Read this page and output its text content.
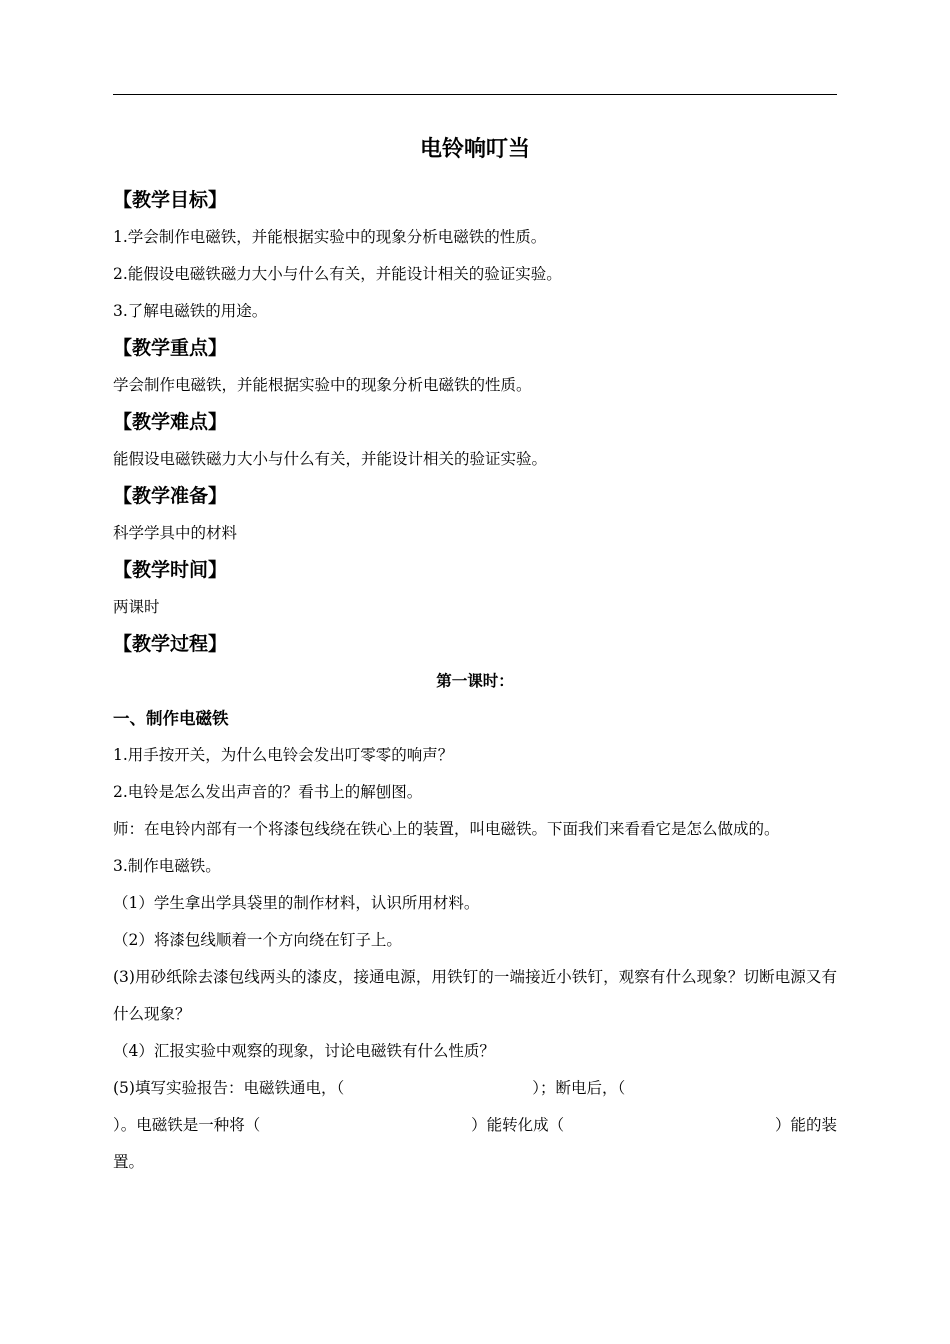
电铃响叮当
【教学目标】

1.学会制作电磁铁，并能根据实验中的现象分析电磁铁的性质。

2.能假设电磁铁磁力大小与什么有关，并能设计相关的验证实验。

3.了解电磁铁的用途。

【教学重点】

学会制作电磁铁，并能根据实验中的现象分析电磁铁的性质。

【教学难点】

能假设电磁铁磁力大小与什么有关，并能设计相关的验证实验。

【教学准备】

科学学具中的材料

【教学时间】

两课时

【教学过程】
第一课时：
一、制作电磁铁

1.用手按开关，为什么电铃会发出叮零零的响声？

2.电铃是怎么发出声音的？看书上的解刨图。

师：在电铃内部有一个将漆包线绕在铁心上的装置，叫电磁铁。下面我们来看看它是怎么做成的。

3.制作电磁铁。

（1）学生拿出学具袋里的制作材料，认识所用材料。

（2）将漆包线顺着一个方向绕在钉子上。

(3)用砂纸除去漆包线两头的漆皮，接通电源，用铁钉的一端接近小铁钉，观察有什么现象？切断电源又有什么现象？

（4）汇报实验中观察的现象，讨论电磁铁有什么性质？

(5)填写实验报告：电磁铁通电，（	）；断电后，（
）。电磁铁是一种将（	）能转化成（	）能的装

置。
